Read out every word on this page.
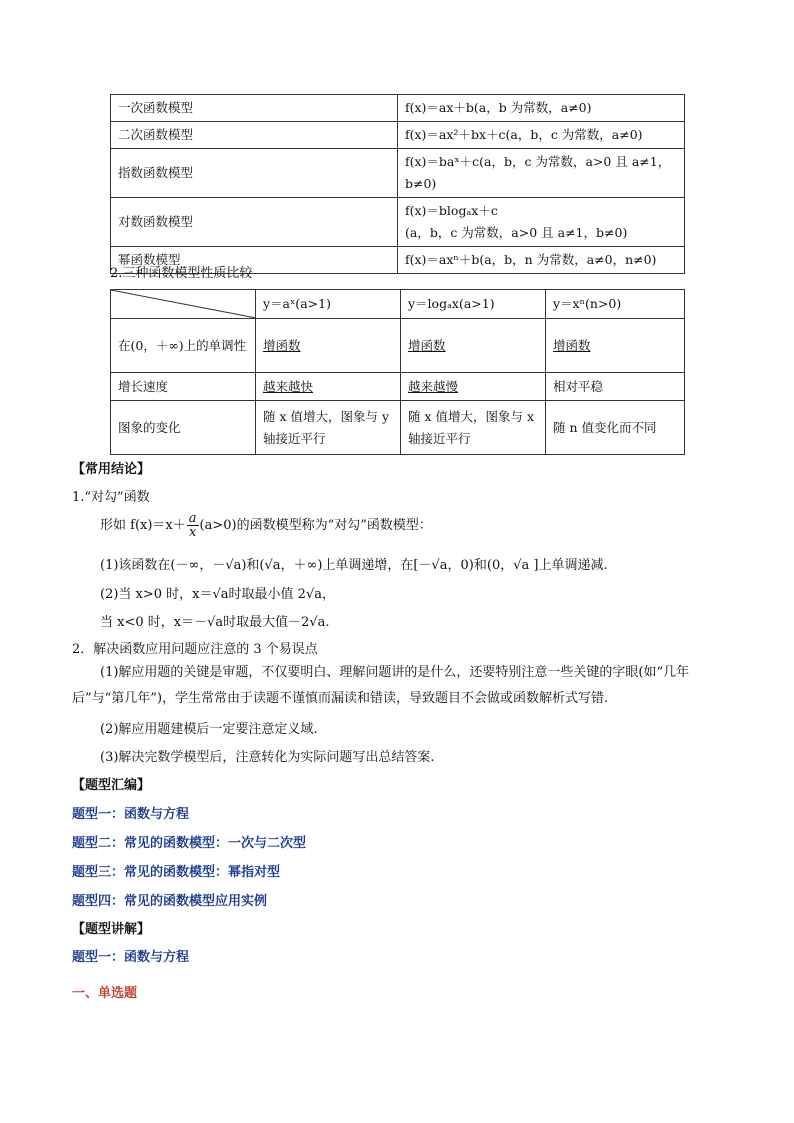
一次函数模型	f(x)＝ax＋b(a，b 为常数，a≠0)
二次函数模型	f(x)＝ax²＋bx＋c(a，b，c 为常数，a≠0)
指数函数模型	f(x)＝baˣ＋c(a，b，c 为常数，a>0 且 a≠1，b≠0)
对数函数模型	f(x)＝blogₐx＋c
(a，b，c 为常数，a>0 且 a≠1，b≠0)

幂函数模型	f(x)＝axⁿ＋b(a，b，n 为常数，a≠0，n≠0)
2.三种函数模型性质比较
	y＝aˣ(a>1)	y＝logₐx(a>1)	y＝xⁿ(n>0)
在(0，＋∞)上的单调性	增函数	增函数	增函数
增长速度	越来越快	越来越慢	相对平稳
图象的变化	随 x 值增大，图象与 y 轴接近平行	随 x 值增大，图象与 x 轴接近平行	随 n 值变化而不同
【常用结论】
1.“对勾”函数
形如 $f(x)=x+ \frac{a}{x} (a>0)$的函数模型称为“对勾”函数模型：
(1)该函数在(－∞，－√a)和(√a，＋∞)上单调递增，在[－√a，0)和(0，√a ]上单调递减.
(2)当 x>0 时，x＝√a时取最小值 2√a，
当 x<0 时，x＝－√a时取最大值－2√a.
2．解决函数应用问题应注意的 3 个易误点
(1)解应用题的关键是审题，不仅要明白、理解问题讲的是什么，还要特别注意一些关键的字眼(如“几年后”与“第几年”)，学生常常由于读题不谨慎而漏读和错读，导致题目不会做或函数解析式写错.
(2)解应用题建模后一定要注意定义域.
(3)解决完数学模型后，注意转化为实际问题写出总结答案.
【题型汇编】
题型一：函数与方程
题型二：常见的函数模型：一次与二次型
题型三：常见的函数模型：幂指对型
题型四：常见的函数模型应用实例
【题型讲解】
题型一：函数与方程
一、单选题
